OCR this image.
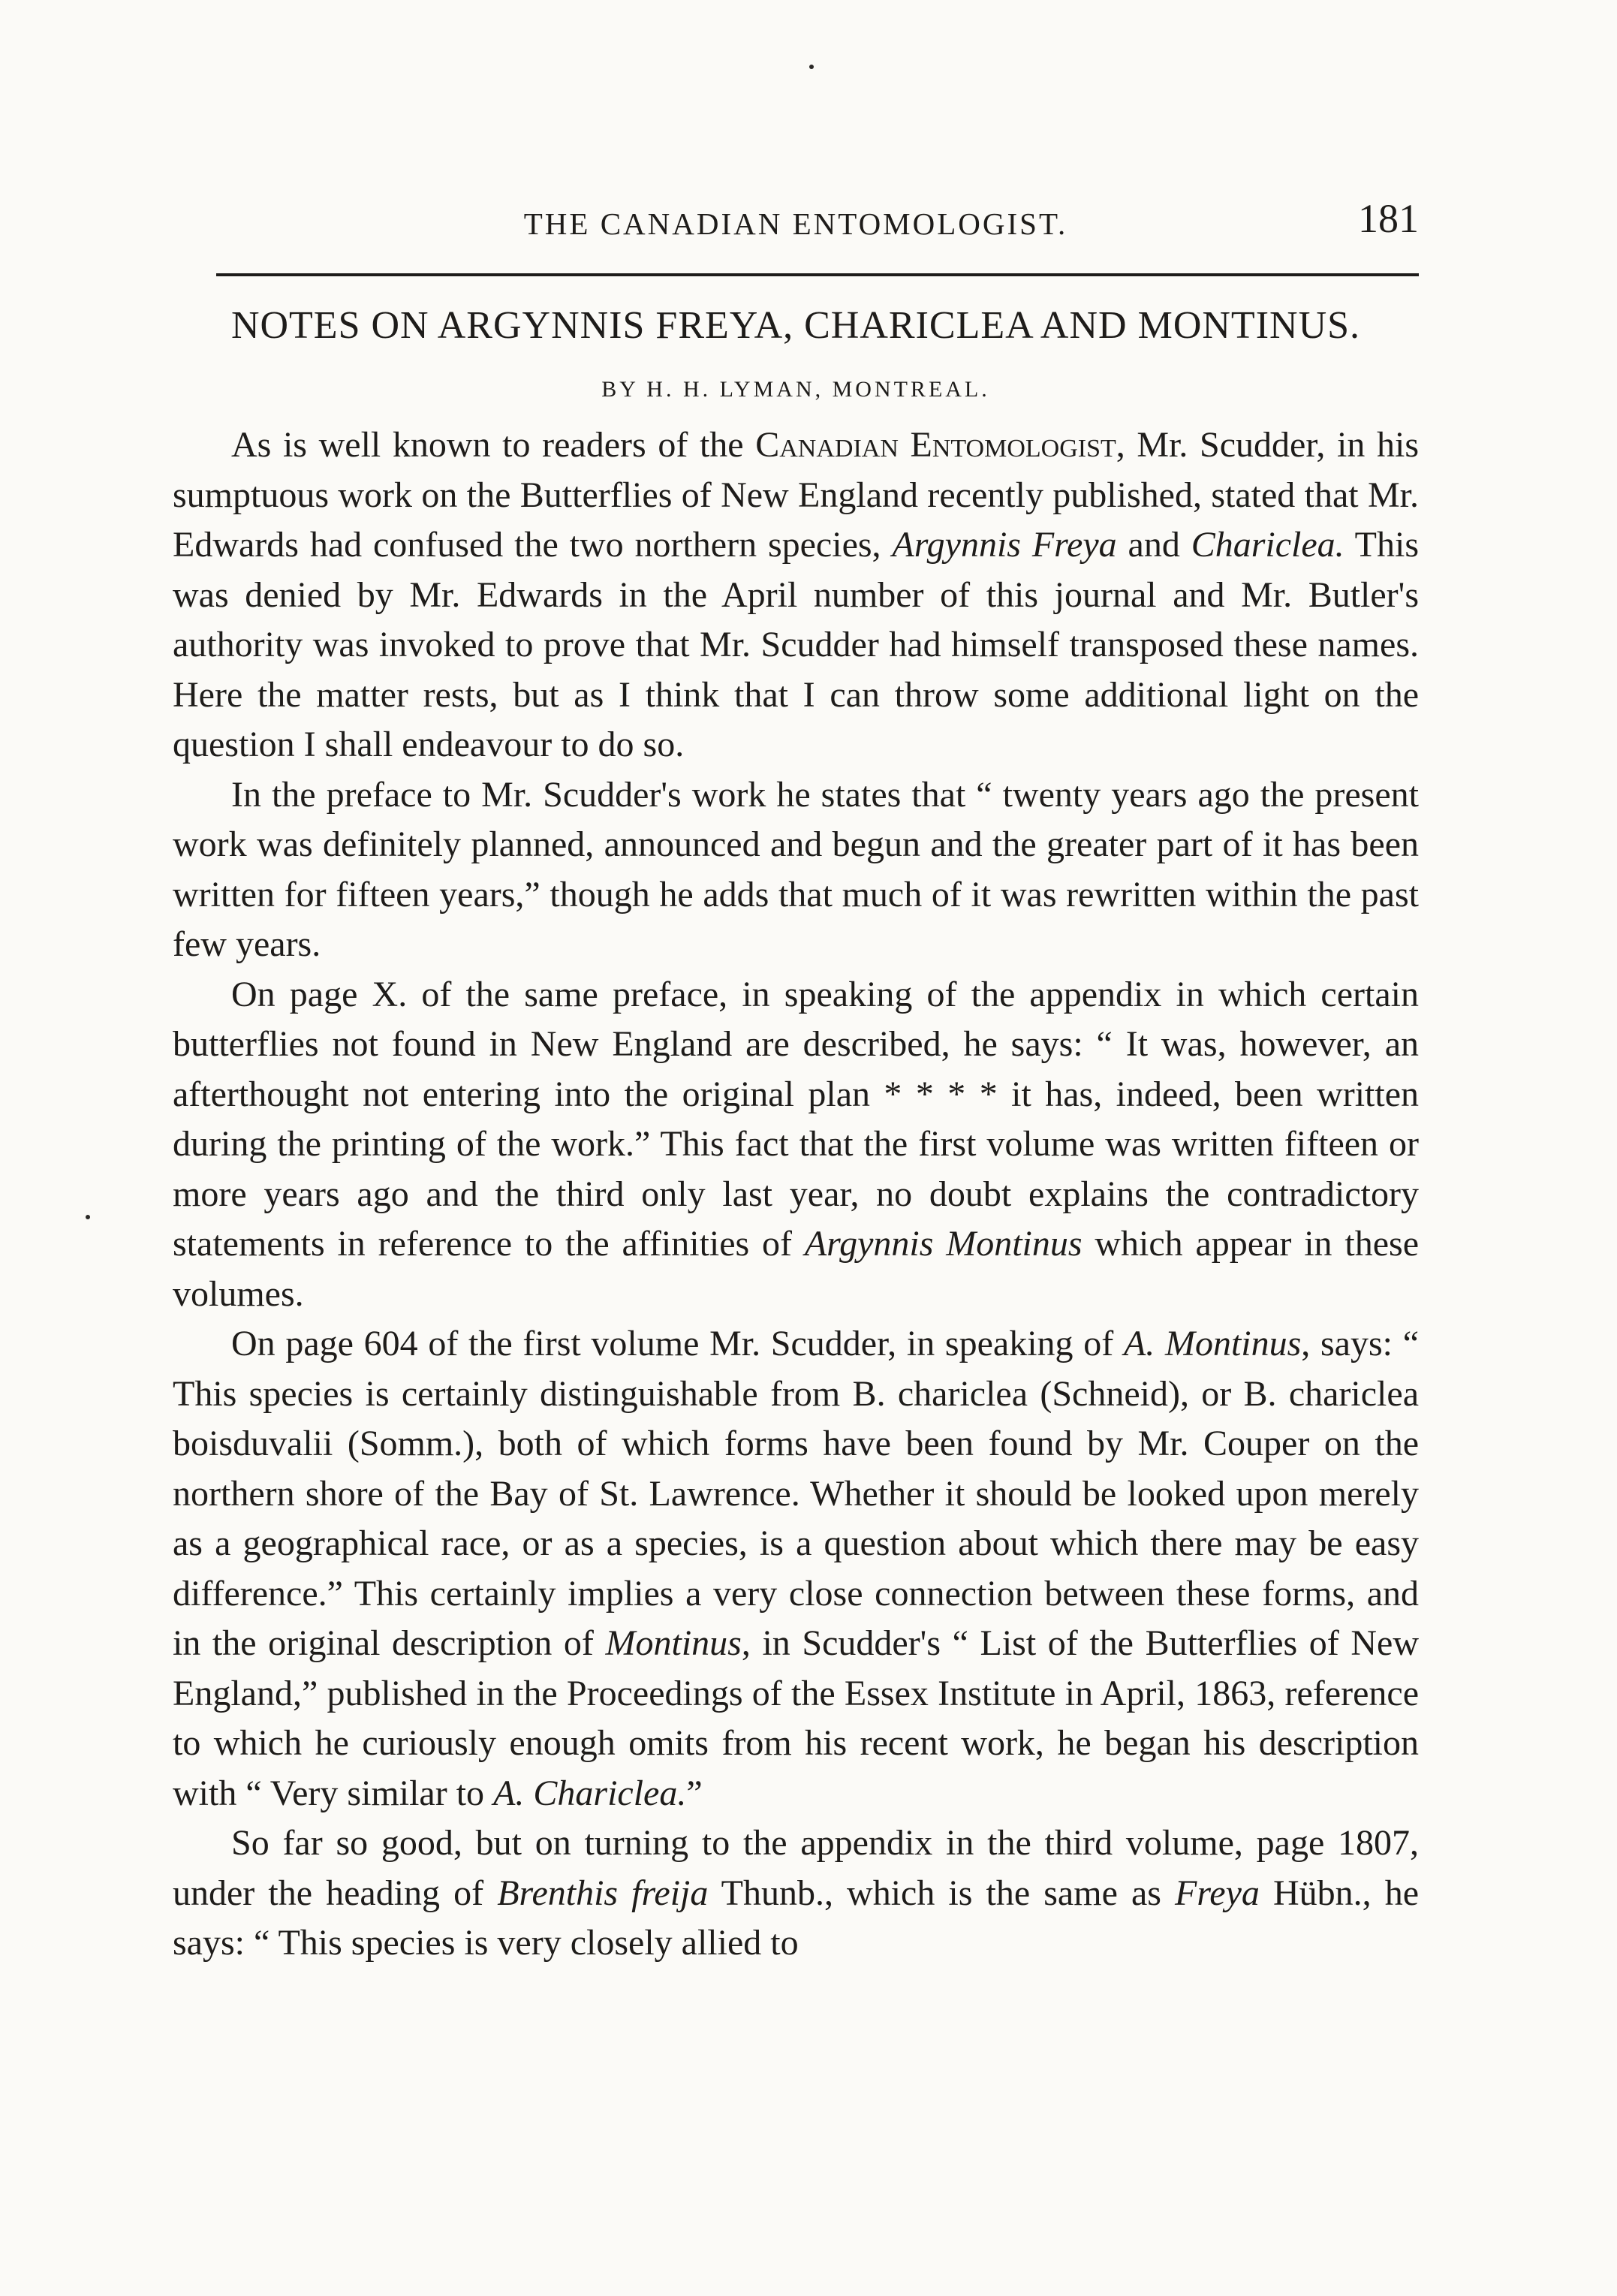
THE CANADIAN ENTOMOLOGIST.	181
NOTES ON ARGYNNIS FREYA, CHARICLEA AND MONTINUS.
BY H. H. LYMAN, MONTREAL.

As is well known to readers of the Canadian Entomologist, Mr. Scudder, in his sumptuous work on the Butterflies of New England recently published, stated that Mr. Edwards had confused the two northern species, Argynnis Freya and Chariclea. This was denied by Mr. Edwards in the April number of this journal and Mr. Butler's authority was invoked to prove that Mr. Scudder had himself transposed these names. Here the matter rests, but as I think that I can throw some additional light on the question I shall endeavour to do so.

In the preface to Mr. Scudder's work he states that “ twenty years ago the present work was definitely planned, announced and begun and the greater part of it has been written for fifteen years,” though he adds that much of it was rewritten within the past few years.

On page X. of the same preface, in speaking of the appendix in which certain butterflies not found in New England are described, he says: “ It was, however, an afterthought not entering into the original plan * * * * it has, indeed, been written during the printing of the work.” This fact that the first volume was written fifteen or more years ago and the third only last year, no doubt explains the contradictory statements in reference to the affinities of Argynnis Montinus which appear in these volumes.

On page 604 of the first volume Mr. Scudder, in speaking of A. Montinus, says: “ This species is certainly distinguishable from B. chariclea (Schneid), or B. chariclea boisduvalii (Somm.), both of which forms have been found by Mr. Couper on the northern shore of the Bay of St. Lawrence. Whether it should be looked upon merely as a geographical race, or as a species, is a question about which there may be easy difference.” This certainly implies a very close connection between these forms, and in the original description of Montinus, in Scudder's “ List of the Butterflies of New England,” published in the Proceedings of the Essex Institute in April, 1863, reference to which he curiously enough omits from his recent work, he began his description with “ Very similar to A. Chariclea.”

So far so good, but on turning to the appendix in the third volume, page 1807, under the heading of Brenthis freija Thunb., which is the same as Freya Hübn., he says: “ This species is very closely allied to
